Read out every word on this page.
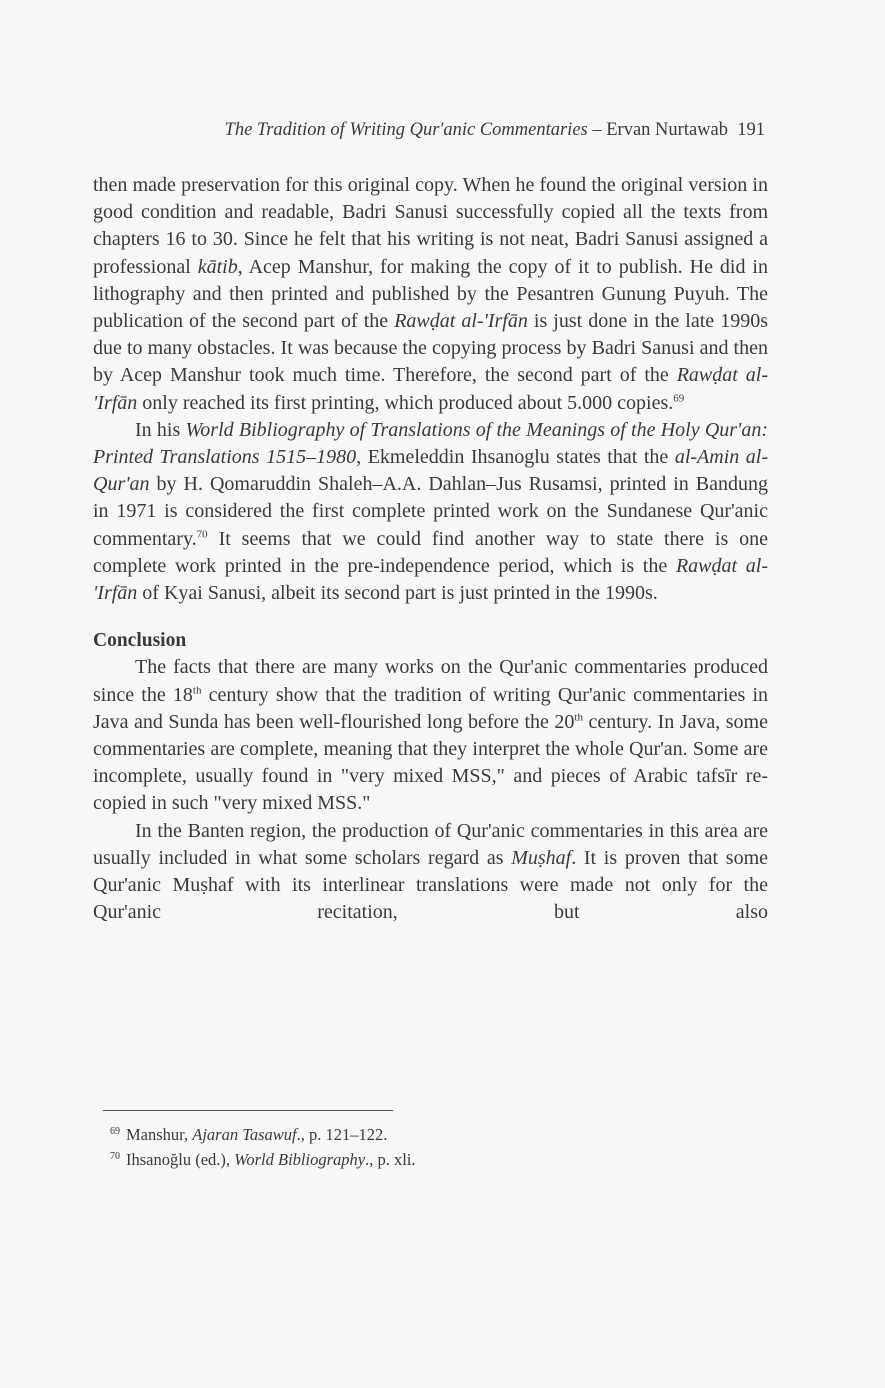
The Tradition of Writing Qur'anic Commentaries – Ervan Nurtawab 191

then made preservation for this original copy. When he found the original version in good condition and readable, Badri Sanusi successfully copied all the texts from chapters 16 to 30. Since he felt that his writing is not neat, Badri Sanusi assigned a professional kātib, Acep Manshur, for making the copy of it to publish. He did in lithography and then printed and published by the Pesantren Gunung Puyuh. The publication of the second part of the Rawḍat al-'Irfān is just done in the late 1990s due to many obstacles. It was because the copying process by Badri Sanusi and then by Acep Manshur took much time. Therefore, the second part of the Rawḍat al-'Irfān only reached its first printing, which produced about 5.000 copies.$^{69}$

In his World Bibliography of Translations of the Meanings of the Holy Qur'an: Printed Translations 1515–1980, Ekmeleddin Ihsanoglu states that the al-Amin al-Qur'an by H. Qomaruddin Shaleh–A.A. Dahlan–Jus Rusamsi, printed in Bandung in 1971 is considered the first complete printed work on the Sundanese Qur'anic commentary.$^{70}$ It seems that we could find another way to state there is one complete work printed in the pre-independence period, which is the Rawḍat al-'Irfān of Kyai Sanusi, albeit its second part is just printed in the 1990s.

Conclusion

The facts that there are many works on the Qur'anic commentaries produced since the 18th century show that the tradition of writing Qur'anic commentaries in Java and Sunda has been well-flourished long before the 20th century. In Java, some commentaries are complete, meaning that they interpret the whole Qur'an. Some are incomplete, usually found in "very mixed MSS," and pieces of Arabic tafsīr re-copied in such "very mixed MSS."

In the Banten region, the production of Qur'anic commentaries in this area are usually included in what some scholars regard as Muṣhaf. It is proven that some Qur'anic Muṣhaf with its interlinear translations were made not only for the Qur'anic recitation, but also

$^{69}$ Manshur, Ajaran Tasawuf., p. 121–122.
$^{70}$ Ihsanoğlu (ed.), World Bibliography., p. xli.
